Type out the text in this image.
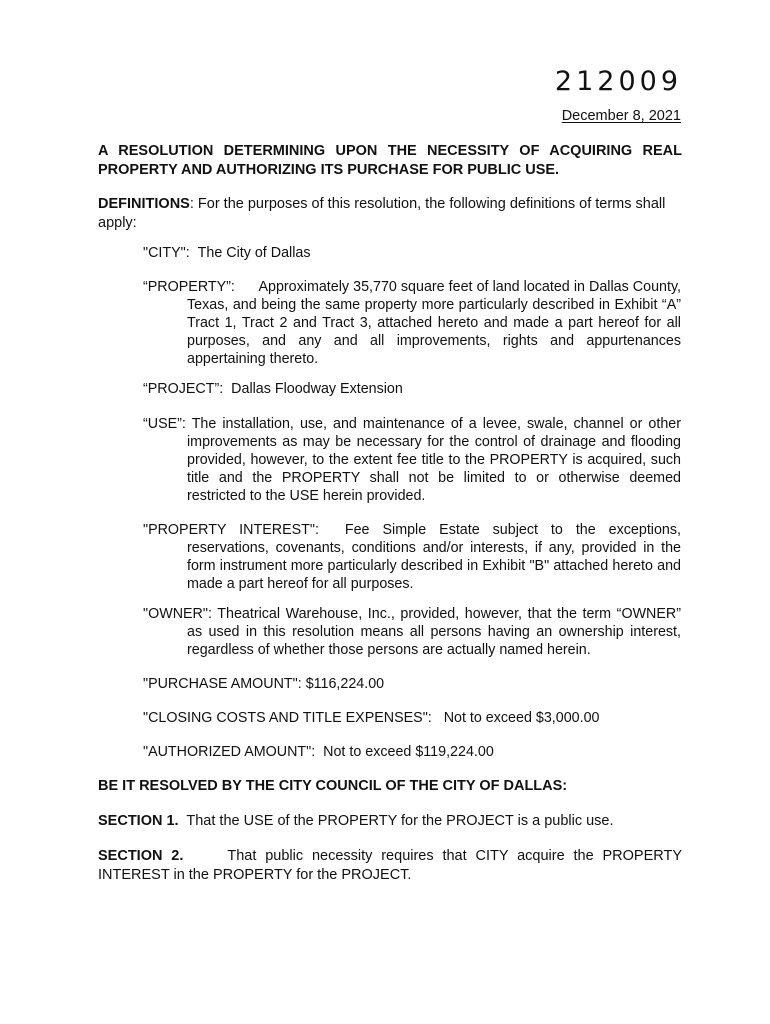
212009
December 8, 2021
A RESOLUTION DETERMINING UPON THE NECESSITY OF ACQUIRING REAL PROPERTY AND AUTHORIZING ITS PURCHASE FOR PUBLIC USE.
DEFINITIONS: For the purposes of this resolution, the following definitions of terms shall apply:
"CITY": The City of Dallas
“PROPERTY”: Approximately 35,770 square feet of land located in Dallas County, Texas, and being the same property more particularly described in Exhibit “A” Tract 1, Tract 2 and Tract 3, attached hereto and made a part hereof for all purposes, and any and all improvements, rights and appurtenances appertaining thereto.
“PROJECT”: Dallas Floodway Extension
“USE”: The installation, use, and maintenance of a levee, swale, channel or other improvements as may be necessary for the control of drainage and flooding provided, however, to the extent fee title to the PROPERTY is acquired, such title and the PROPERTY shall not be limited to or otherwise deemed restricted to the USE herein provided.
"PROPERTY INTEREST": Fee Simple Estate subject to the exceptions, reservations, covenants, conditions and/or interests, if any, provided in the form instrument more particularly described in Exhibit "B" attached hereto and made a part hereof for all purposes.
"OWNER": Theatrical Warehouse, Inc., provided, however, that the term “OWNER” as used in this resolution means all persons having an ownership interest, regardless of whether those persons are actually named herein.
"PURCHASE AMOUNT": $116,224.00
"CLOSING COSTS AND TITLE EXPENSES": Not to exceed $3,000.00
"AUTHORIZED AMOUNT": Not to exceed $119,224.00
BE IT RESOLVED BY THE CITY COUNCIL OF THE CITY OF DALLAS:
SECTION 1. That the USE of the PROPERTY for the PROJECT is a public use.
SECTION 2.	That public necessity requires that CITY acquire the PROPERTY INTEREST in the PROPERTY for the PROJECT.
